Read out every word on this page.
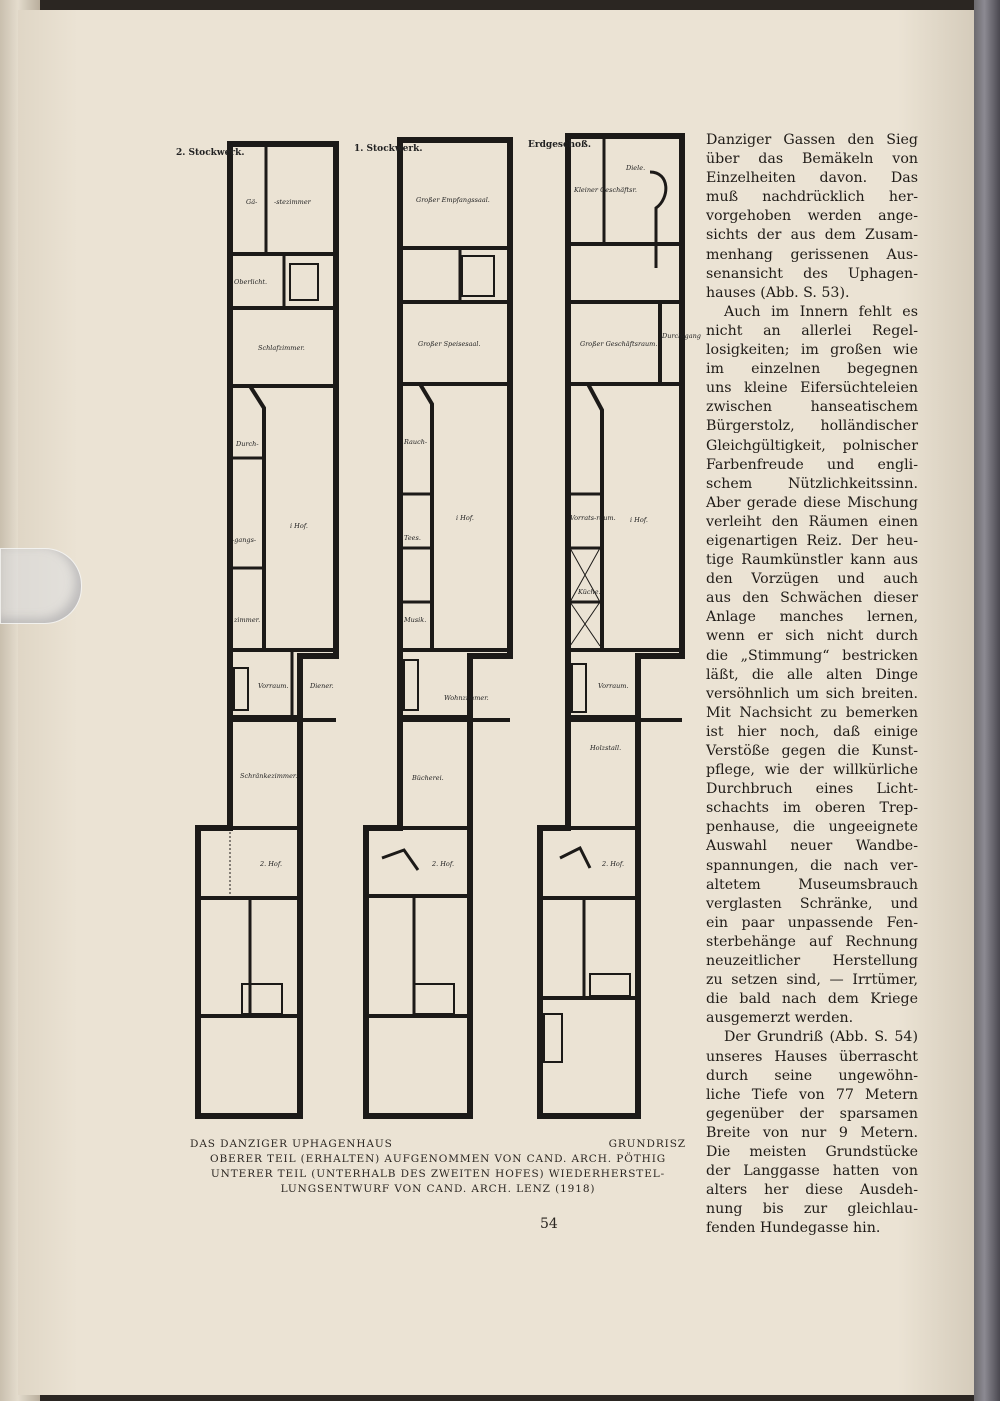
2. Stockwerk.	1. Stockwerk.	Erdgeschoß.
Gä-	-stezimmer
Oberlicht.
Schlafzimmer.
Durch-
i Hof.
-gangs-
zimmer.
Vorraum.	Diener.
Schränkezimmer.
2. Hof.
Großer Empfangssaal.
Großer Speisesaal.
Rauch-
i Hof.
Tees.
Musik.
Wohnzimmer.
Bücherei.
2. Hof.
Diele.
Kleiner Geschäftsr.
Großer Geschäftsraum.
Durch-gang
Vorrats-raum. i Hof.
Küche.
Vorraum.
Holzstall.
2. Hof.
DAS DANZIGER UPHAGENHAUS	GRUNDRISZ
OBERER TEIL (ERHALTEN) AUFGENOMMEN VON CAND. ARCH. PÖTHIG
UNTERER TEIL (UNTERHALB DES ZWEITEN HOFES) WIEDERHERSTEL-
LUNGSENTWURF VON CAND. ARCH. LENZ (1918)
54
Danziger Gassen den Sieg
über das Bemäkeln von
Einzelheiten davon. Das
muß nachdrücklich her-
vorgehoben werden ange-
sichts der aus dem Zusam-
menhang gerissenen Aus-
senansicht des Uphagen-
hauses (Abb. S. 53).
Auch im Innern fehlt es
nicht an allerlei Regel-
losigkeiten; im großen wie
im einzelnen begegnen
uns kleine Eifersüchteleien
zwischen hanseatischem
Bürgerstolz, holländischer
Gleichgültigkeit, polnischer
Farbenfreude und engli-
schem Nützlichkeitssinn.
Aber gerade diese Mischung
verleiht den Räumen einen
eigenartigen Reiz. Der heu-
tige Raumkünstler kann aus
den Vorzügen und auch
aus den Schwächen dieser
Anlage manches lernen,
wenn er sich nicht durch
die „Stimmung“ bestricken
läßt, die alle alten Dinge
versöhnlich um sich breiten.
Mit Nachsicht zu bemerken
ist hier noch, daß einige
Verstöße gegen die Kunst-
pflege, wie der willkürliche
Durchbruch eines Licht-
schachts im oberen Trep-
penhause, die ungeeignete
Auswahl neuer Wandbe-
spannungen, die nach ver-
altetem Museumsbrauch
verglasten Schränke, und
ein paar unpassende Fen-
sterbehänge auf Rechnung
neuzeitlicher Herstellung
zu setzen sind, — Irrtümer,
die bald nach dem Kriege
ausgemerzt werden.
Der Grundriß (Abb. S. 54)
unseres Hauses überrascht
durch seine ungewöhn-
liche Tiefe von 77 Metern
gegenüber der sparsamen
Breite von nur 9 Metern.
Die meisten Grundstücke
der Langgasse hatten von
alters her diese Ausdeh-
nung bis zur gleichlau-
fenden Hundegasse hin.
